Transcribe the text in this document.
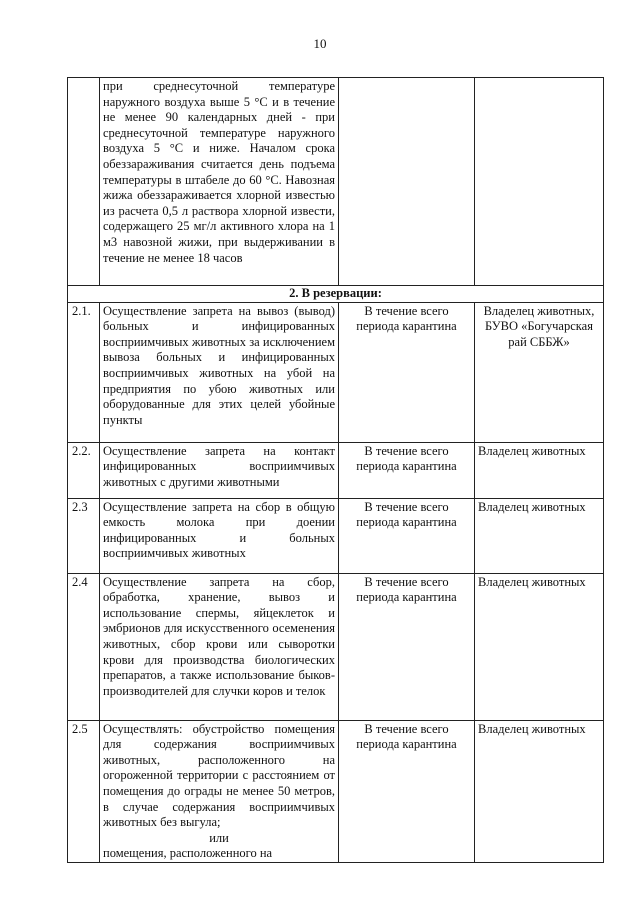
10

	при среднесуточной температуре наружного воздуха выше 5 °С и в течение не менее 90 календарных дней - при среднесуточной температуре наружного воздуха 5 °С и ниже. Началом срока обеззараживания считается день подъема температуры в штабеле до 60 °С. Навозная жижа обеззараживается хлорной известью из расчета 0,5 л раствора хлорной извести, содержащего 25 мг/л активного хлора на 1 м3 навозной жижи, при выдерживании в течение не менее 18 часов		

2. В резервации:			
2.1.	Осуществление запрета на вывоз (вывод) больных и инфицированных восприимчивых животных за исключением вывоза больных и инфицированных восприимчивых животных на убой на предприятия по убою животных или оборудованные для этих целей убойные пункты	В течение всего периода карантина	Владелец животных, БУВО «Богучарская рай СББЖ»
2.2.	Осуществление запрета на контакт инфицированных восприимчивых животных с другими животными	В течение всего периода карантина	Владелец животных
2.3	Осуществление запрета на сбор в общую емкость молока при доении инфицированных и больных восприимчивых животных	В течение всего периода карантина	Владелец животных
2.4	Осуществление запрета на сбор, обработка, хранение, вывоз и использование спермы, яйцеклеток и эмбрионов для искусственного осеменения животных, сбор крови или сыворотки крови для производства биологических препаратов, а также использование быков-производителей для случки коров и телок	В течение всего периода карантина	Владелец животных
2.5	Осуществлять: обустройство помещения для содержания восприимчивых животных, расположенного на огороженной территории с расстоянием от помещения до ограды не менее 50 метров, в случае содержания восприимчивых животных без выгула;

или

помещения, расположенного на	В течение всего периода карантина	Владелец животных
